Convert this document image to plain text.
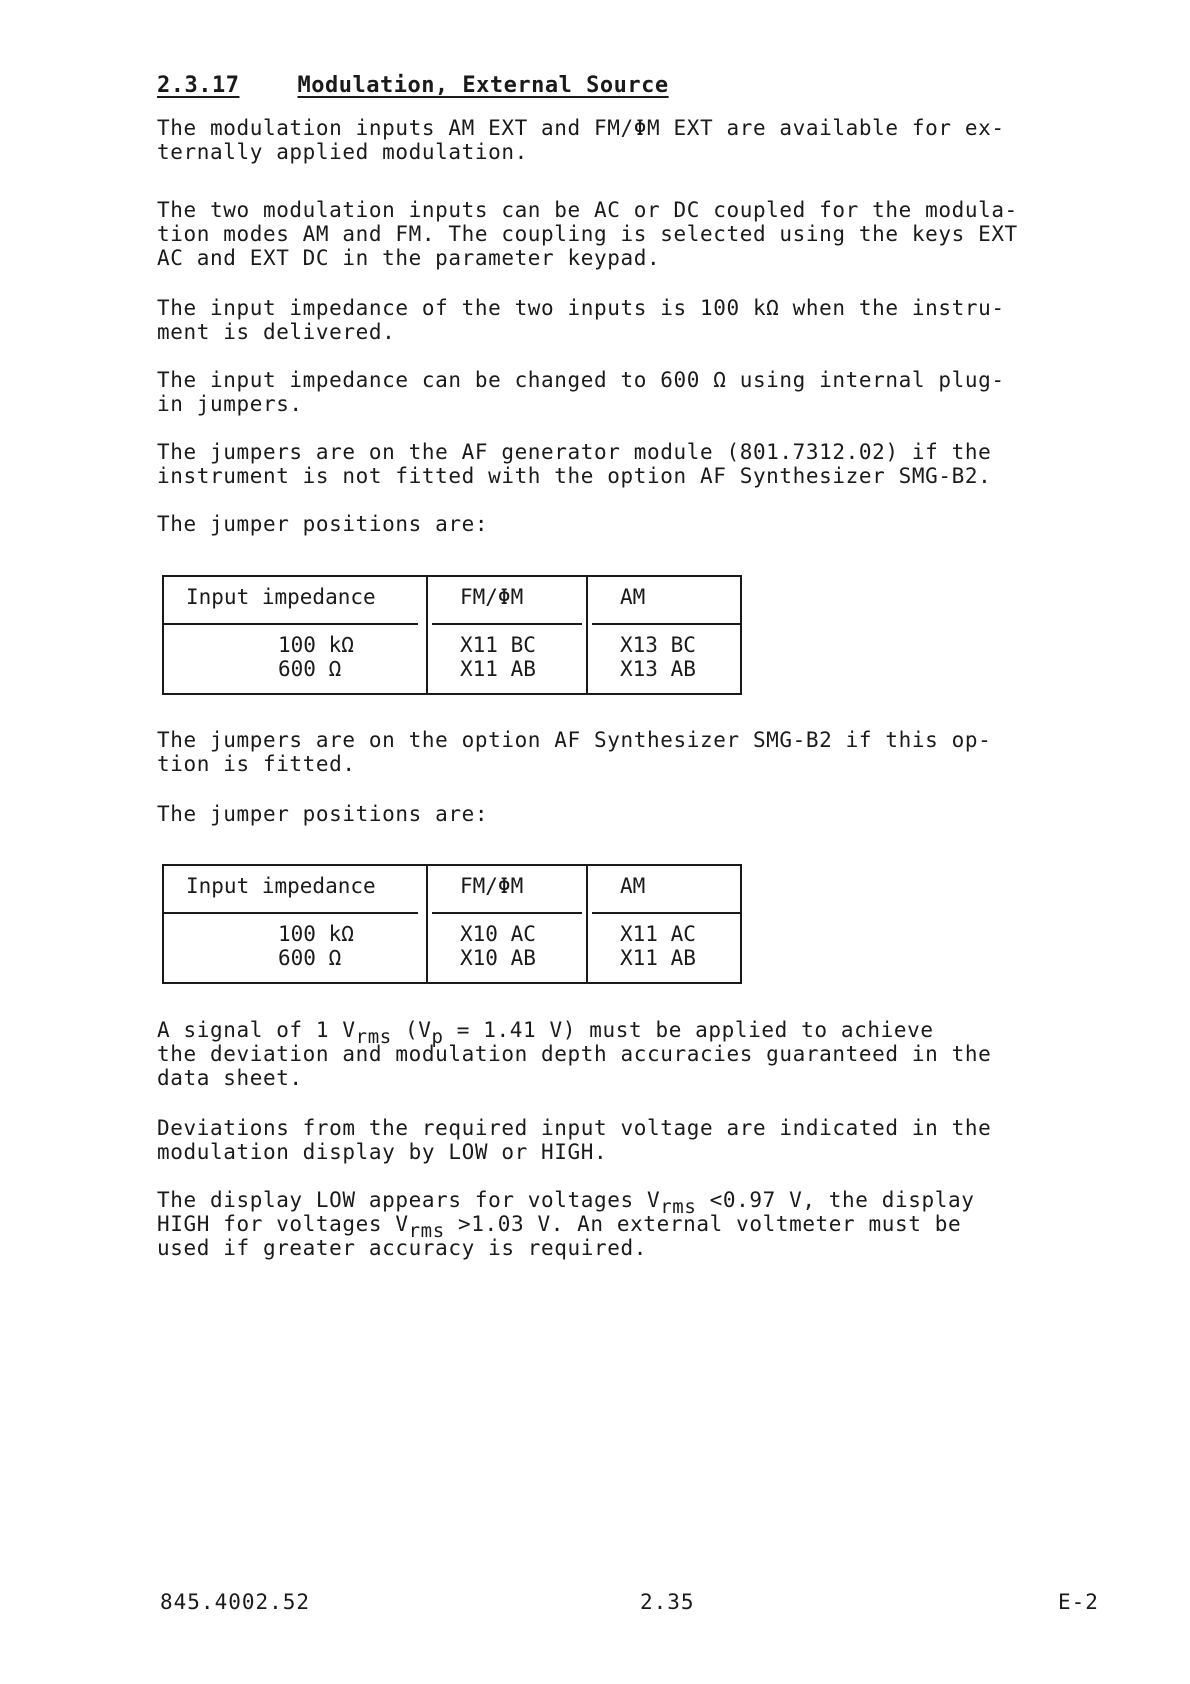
2.3.17	Modulation, External Source
The modulation inputs AM EXT and FM/ΦM EXT are available for ex-
ternally applied modulation.
The two modulation inputs can be AC or DC coupled for the modula-
tion modes AM and FM. The coupling is selected using the keys EXT
AC and EXT DC in the parameter keypad.
The input impedance of the two inputs is 100 kΩ when the instru-
ment is delivered.
The input impedance can be changed to 600 Ω using internal plug-
in jumpers.
The jumpers are on the AF generator module (801.7312.02) if the
instrument is not fitted with the option AF Synthesizer SMG-B2.
The jumper positions are:
Input impedance	FM/ΦM	AM
100 kΩ	X11 BC	X13 BC
600 Ω	X11 AB	X13 AB
The jumpers are on the option AF Synthesizer SMG-B2 if this op-
tion is fitted.
The jumper positions are:
Input impedance	FM/ΦM	AM
100 kΩ	X10 AC	X11 AC
600 Ω	X10 AB	X11 AB
A signal of 1 $V_{rms}$ ($V_p = 1.41$ V) must be applied to achieve
the deviation and modulation depth accuracies guaranteed in the
data sheet.
Deviations from the required input voltage are indicated in the
modulation display by LOW or HIGH.
The display LOW appears for voltages $V_{rms} <0.97$ V, the display
HIGH for voltages $V_{rms} >1.03$ V. An external voltmeter must be
used if greater accuracy is required.
845.4002.52	2.35	E-2
